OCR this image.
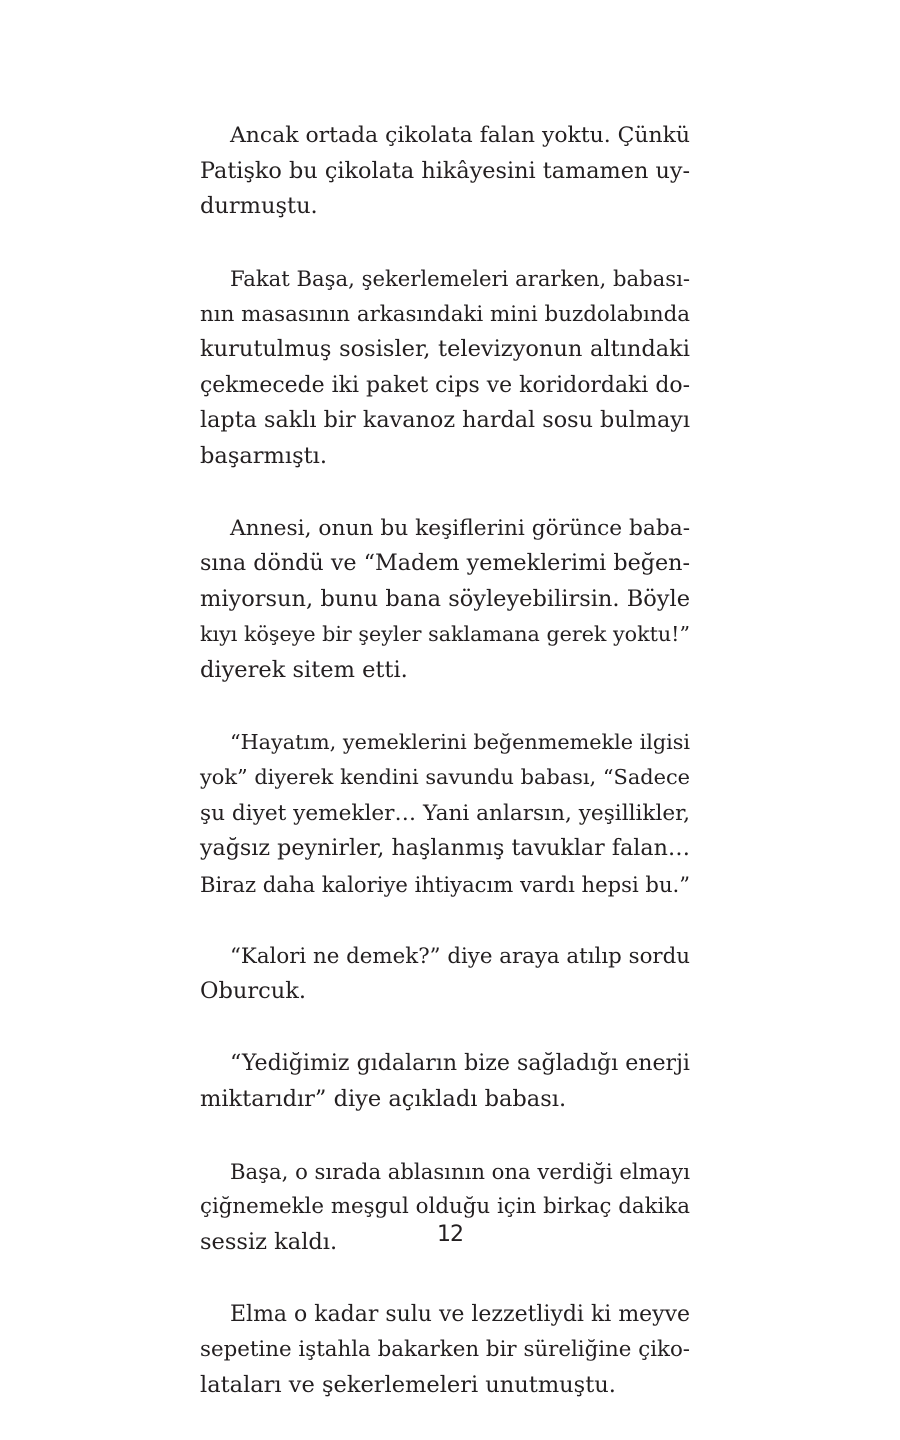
Ancak ortada çikolata falan yoktu. Çünkü
Patişko bu çikolata hikâyesini tamamen uy-
durmuştu.
Fakat Başa, şekerlemeleri ararken, babası-
nın masasının arkasındaki mini buzdolabında
kurutulmuş sosisler, televizyonun altındaki
çekmecede iki paket cips ve koridordaki do-
lapta saklı bir kavanoz hardal sosu bulmayı
başarmıştı.
Annesi, onun bu keşiflerini görünce baba-
sına döndü ve “Madem yemeklerimi beğen-
miyorsun, bunu bana söyleyebilirsin. Böyle
kıyı köşeye bir şeyler saklamana gerek yoktu!”
diyerek sitem etti.
“Hayatım, yemeklerini beğenmemekle ilgisi
yok” diyerek kendini savundu babası, “Sadece
şu diyet yemekler… Yani anlarsın, yeşillikler,
yağsız peynirler, haşlanmış tavuklar falan…
Biraz daha kaloriye ihtiyacım vardı hepsi bu.”
“Kalori ne demek?” diye araya atılıp sordu
Oburcuk.
“Yediğimiz gıdaların bize sağladığı enerji
miktarıdır” diye açıkladı babası.
Başa, o sırada ablasının ona verdiği elmayı
çiğnemekle meşgul olduğu için birkaç dakika
sessiz kaldı.
Elma o kadar sulu ve lezzetliydi ki meyve
sepetine iştahla bakarken bir süreliğine çiko-
lataları ve şekerlemeleri unutmuştu.
12
